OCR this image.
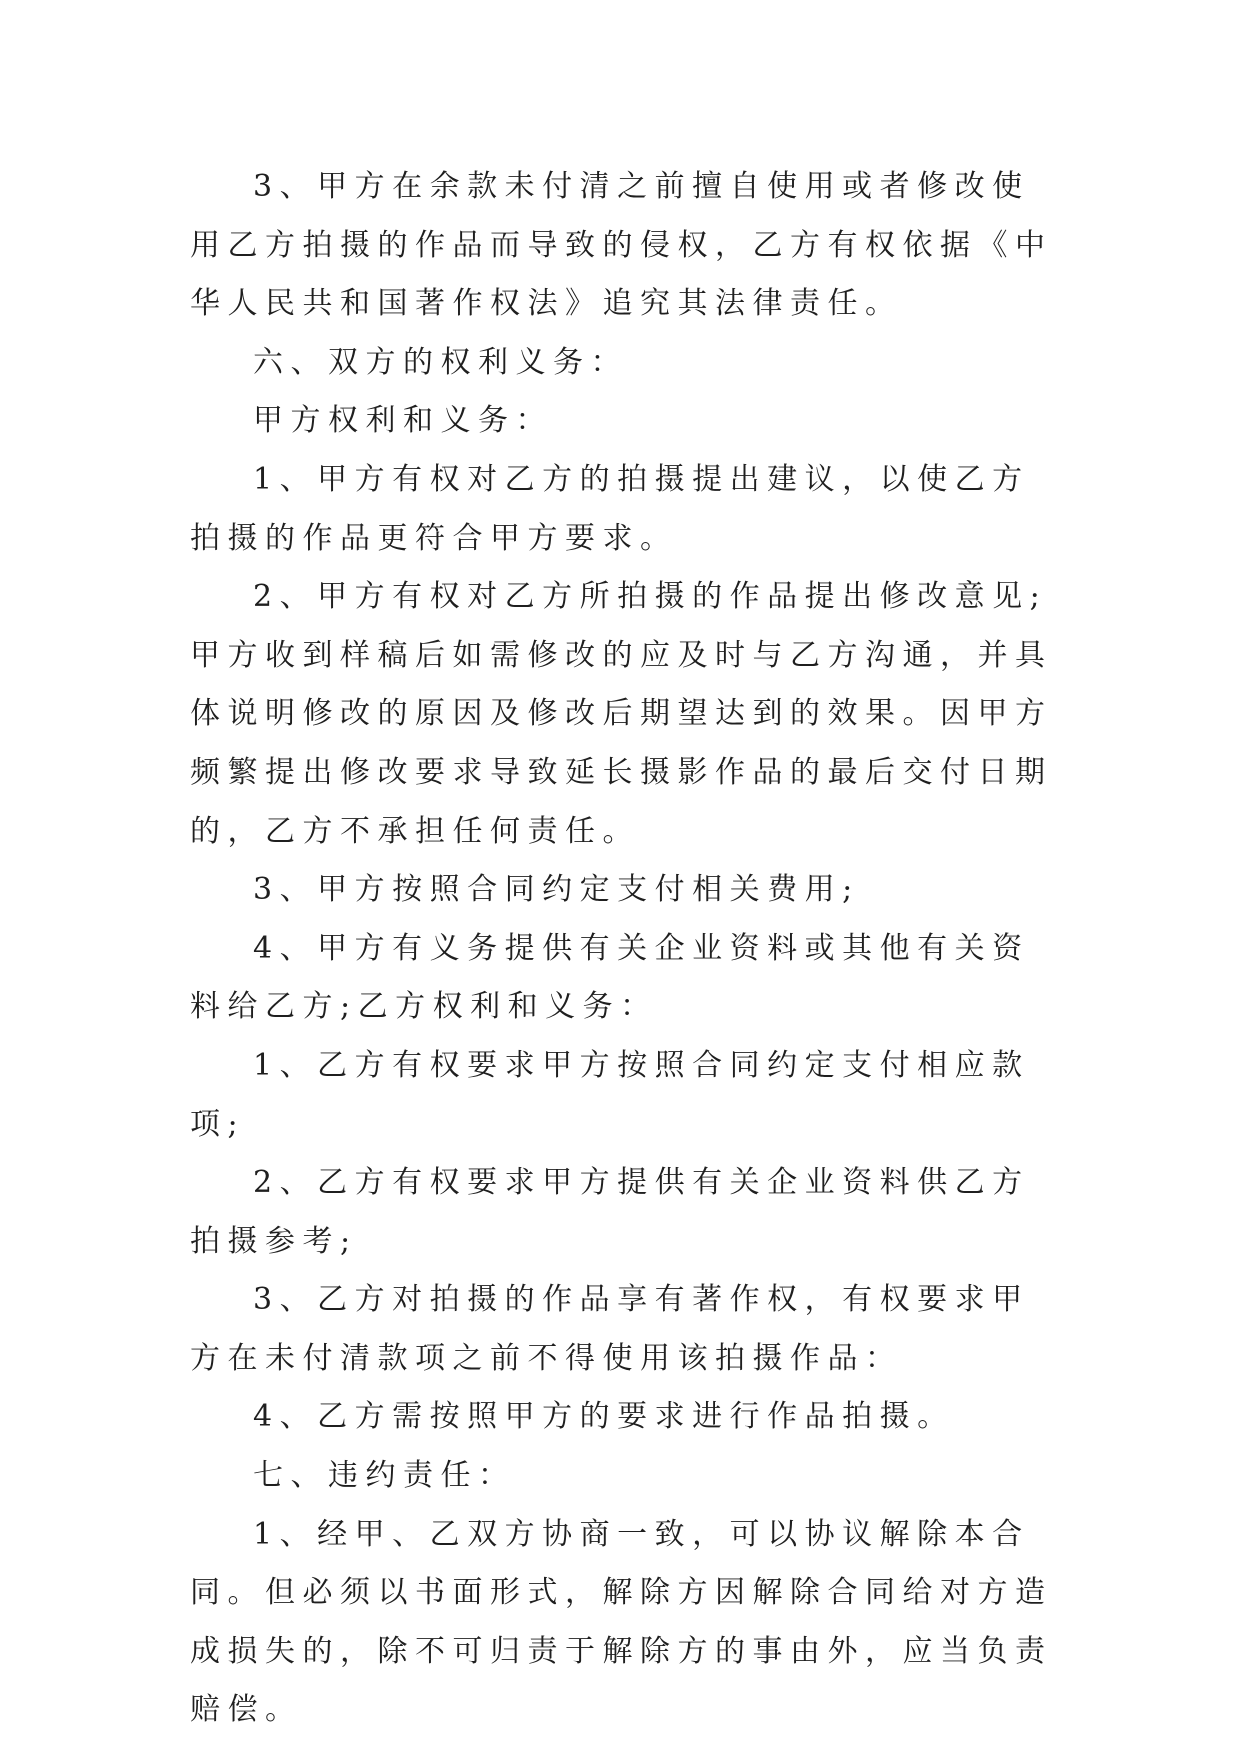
3、甲方在余款未付清之前擅自使用或者修改使用乙方拍摄的作品而导致的侵权，乙方有权依据《中华人民共和国著作权法》追究其法律责任。

六、双方的权利义务：

甲方权利和义务：

1、甲方有权对乙方的拍摄提出建议，以使乙方拍摄的作品更符合甲方要求。

2、甲方有权对乙方所拍摄的作品提出修改意见;甲方收到样稿后如需修改的应及时与乙方沟通，并具体说明修改的原因及修改后期望达到的效果。因甲方频繁提出修改要求导致延长摄影作品的最后交付日期的，乙方不承担任何责任。

3、甲方按照合同约定支付相关费用;

4、甲方有义务提供有关企业资料或其他有关资料给乙方;乙方权利和义务：

1、乙方有权要求甲方按照合同约定支付相应款项;

2、乙方有权要求甲方提供有关企业资料供乙方拍摄参考;

3、乙方对拍摄的作品享有著作权，有权要求甲方在未付清款项之前不得使用该拍摄作品：

4、乙方需按照甲方的要求进行作品拍摄。

七、违约责任：

1、经甲、乙双方协商一致，可以协议解除本合同。但必须以书面形式，解除方因解除合同给对方造成损失的，除不可归责于解除方的事由外，应当负责赔偿。
